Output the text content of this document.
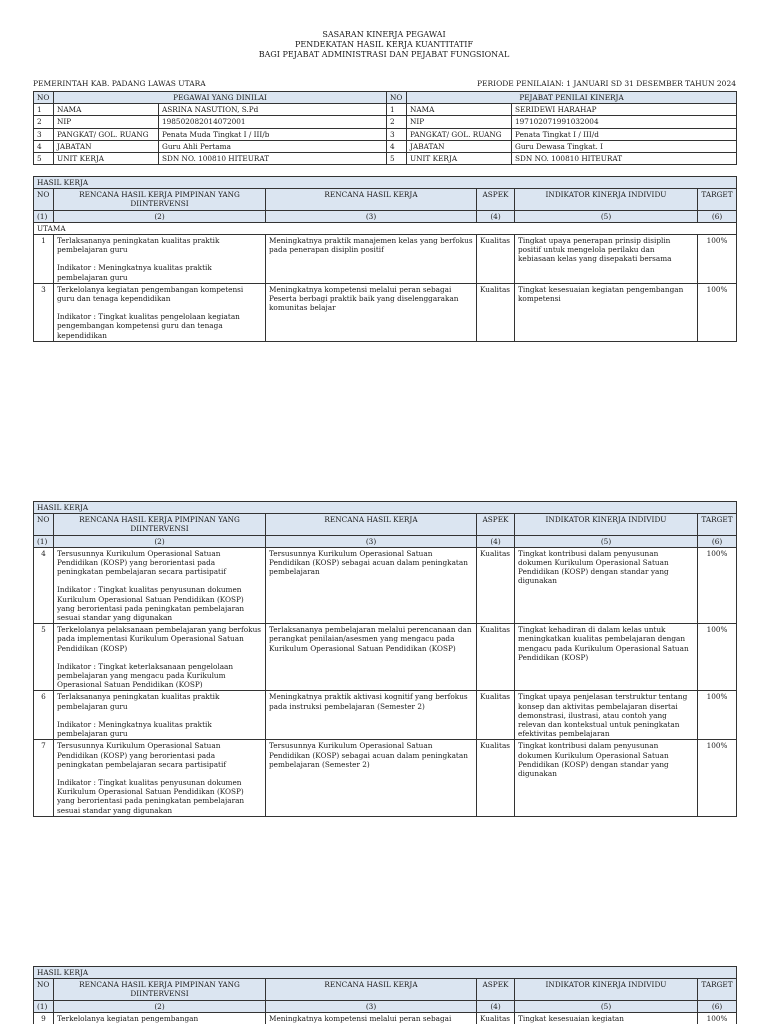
SASARAN KINERJA PEGAWAI
PENDEKATAN HASIL KERJA KUANTITATIF
BAGI PEJABAT ADMINISTRASI DAN PEJABAT FUNGSIONAL
PEMERINTAH KAB. PADANG LAWAS UTARA	PERIODE PENILAIAN: 1 JANUARI SD 31 DESEMBER TAHUN 2024
NO	PEGAWAI YANG DINILAI		NO	PEJABAT PENILAI KINERJA	
1	NAMA	ASRINA NASUTION, S.Pd	1	NAMA	SERIDEWI HARAHAP
2	NIP	198502082014072001	2	NIP	197102071991032004
3	PANGKAT/ GOL. RUANG	Penata Muda Tingkat I / III/b	3	PANGKAT/ GOL. RUANG	Penata Tingkat I / III/d
4	JABATAN	Guru Ahli Pertama	4	JABATAN	Guru Dewasa Tingkat. I
5	UNIT KERJA	SDN NO. 100810 HITEURAT	5	UNIT KERJA	SDN NO. 100810 HITEURAT
HASIL KERJA					
NO	RENCANA HASIL KERJA PIMPINAN YANG DIINTERVENSI	RENCANA HASIL KERJA	ASPEK	INDIKATOR KINERJA INDIVIDU	TARGET
(1)	(2)	(3)	(4)	(5)	(6)
UTAMA					
1	Terlaksananya peningkatan kualitas praktik pembelajaran guru

Indikator : Meningkatnya kualitas praktik pembelajaran guru	Meningkatnya praktik manajemen kelas yang berfokus pada penerapan disiplin positif	Kualitas	Tingkat upaya penerapan prinsip disiplin positif untuk mengelola perilaku dan kebiasaan kelas yang disepakati bersama	100%
3	Terkelolanya kegiatan pengembangan kompetensi guru dan tenaga kependidikan

Indikator : Tingkat kualitas pengelolaan kegiatan pengembangan kompetensi guru dan tenaga kependidikan	Meningkatnya kompetensi melalui peran sebagai Peserta berbagi praktik baik yang diselenggarakan komunitas belajar	Kualitas	Tingkat kesesuaian kegiatan pengembangan kompetensi	100%
HASIL KERJA					
NO	RENCANA HASIL KERJA PIMPINAN YANG DIINTERVENSI	RENCANA HASIL KERJA	ASPEK	INDIKATOR KINERJA INDIVIDU	TARGET
(1)	(2)	(3)	(4)	(5)	(6)
4	Tersusunnya Kurikulum Operasional Satuan Pendidikan (KOSP) yang berorientasi pada peningkatan pembelajaran secara partisipatif

Indikator : Tingkat kualitas penyusunan dokumen Kurikulum Operasional Satuan Pendidikan (KOSP) yang berorientasi pada peningkatan pembelajaran sesuai standar yang digunakan	Tersusunnya Kurikulum Operasional Satuan Pendidikan (KOSP) sebagai acuan dalam peningkatan pembelajaran	Kualitas	Tingkat kontribusi dalam penyusunan dokumen Kurikulum Operasional Satuan Pendidikan (KOSP) dengan standar yang digunakan	100%
5	Terkelolanya pelaksanaan pembelajaran yang berfokus pada implementasi Kurikulum Operasional Satuan Pendidikan (KOSP)

Indikator : Tingkat keterlaksanaan pengelolaan pembelajaran yang mengacu pada Kurikulum Operasional Satuan Pendidikan (KOSP)	Terlaksananya pembelajaran melalui perencanaan dan perangkat penilaian/asesmen yang mengacu pada Kurikulum Operasional Satuan Pendidikan (KOSP)	Kualitas	Tingkat kehadiran di dalam kelas untuk meningkatkan kualitas pembelajaran dengan mengacu pada Kurikulum Operasional Satuan Pendidikan (KOSP)	100%
6	Terlaksananya peningkatan kualitas praktik pembelajaran guru

Indikator : Meningkatnya kualitas praktik pembelajaran guru	Meningkatnya praktik aktivasi kognitif yang berfokus pada instruksi pembelajaran (Semester 2)	Kualitas	Tingkat upaya penjelasan terstruktur tentang konsep dan aktivitas pembelajaran disertai demonstrasi, ilustrasi, atau contoh yang relevan dan kontekstual untuk peningkatan efektivitas pembelajaran	100%
7	Tersusunnya Kurikulum Operasional Satuan Pendidikan (KOSP) yang berorientasi pada peningkatan pembelajaran secara partisipatif

Indikator : Tingkat kualitas penyusunan dokumen Kurikulum Operasional Satuan Pendidikan (KOSP) yang berorientasi pada peningkatan pembelajaran sesuai standar yang digunakan	Tersusunnya Kurikulum Operasional Satuan Pendidikan (KOSP) sebagai acuan dalam peningkatan pembelajaran (Semester 2)	Kualitas	Tingkat kontribusi dalam penyusunan dokumen Kurikulum Operasional Satuan Pendidikan (KOSP) dengan standar yang digunakan	100%
HASIL KERJA					
NO	RENCANA HASIL KERJA PIMPINAN YANG DIINTERVENSI	RENCANA HASIL KERJA	ASPEK	INDIKATOR KINERJA INDIVIDU	TARGET
(1)	(2)	(3)	(4)	(5)	(6)
9	Terkelolanya kegiatan pengembangan	Meningkatnya kompetensi melalui peran sebagai	Kualitas	Tingkat kesesuaian kegiatan	100%
